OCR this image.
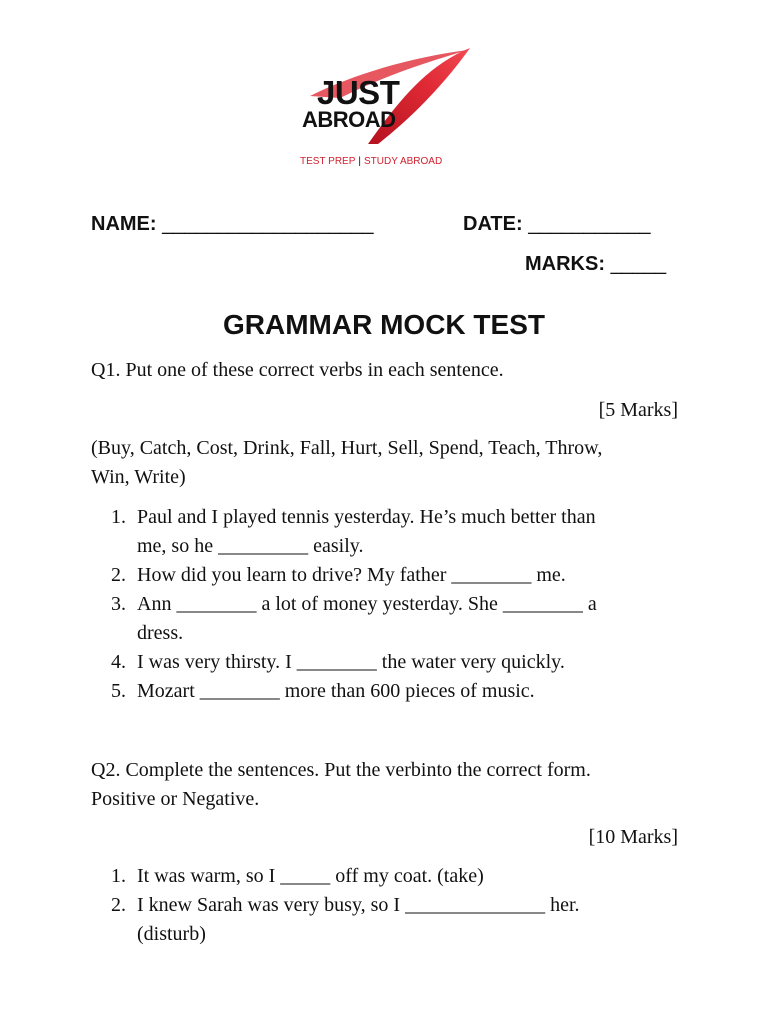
JUST
ABROAD
TEST PREP | STUDY ABROAD
NAME: ___________________	DATE: ___________
MARKS: _____
GRAMMAR MOCK TEST
Q1. Put one of these correct verbs in each sentence.
[5 Marks]
(Buy, Catch, Cost, Drink, Fall, Hurt, Sell, Spend, Teach, Throw,
Win, Write)
1. Paul and I played tennis yesterday. He’s much better than
me, so he _________ easily.
2. How did you learn to drive? My father ________ me.
3. Ann ________ a lot of money yesterday. She ________ a
dress.
4. I was very thirsty. I ________ the water very quickly.
5. Mozart ________ more than 600 pieces of music.
Q2. Complete the sentences. Put the verbinto the correct form.
Positive or Negative.
[10 Marks]
1. It was warm, so I _____ off my coat. (take)
2. I knew Sarah was very busy, so I ______________ her.
(disturb)
